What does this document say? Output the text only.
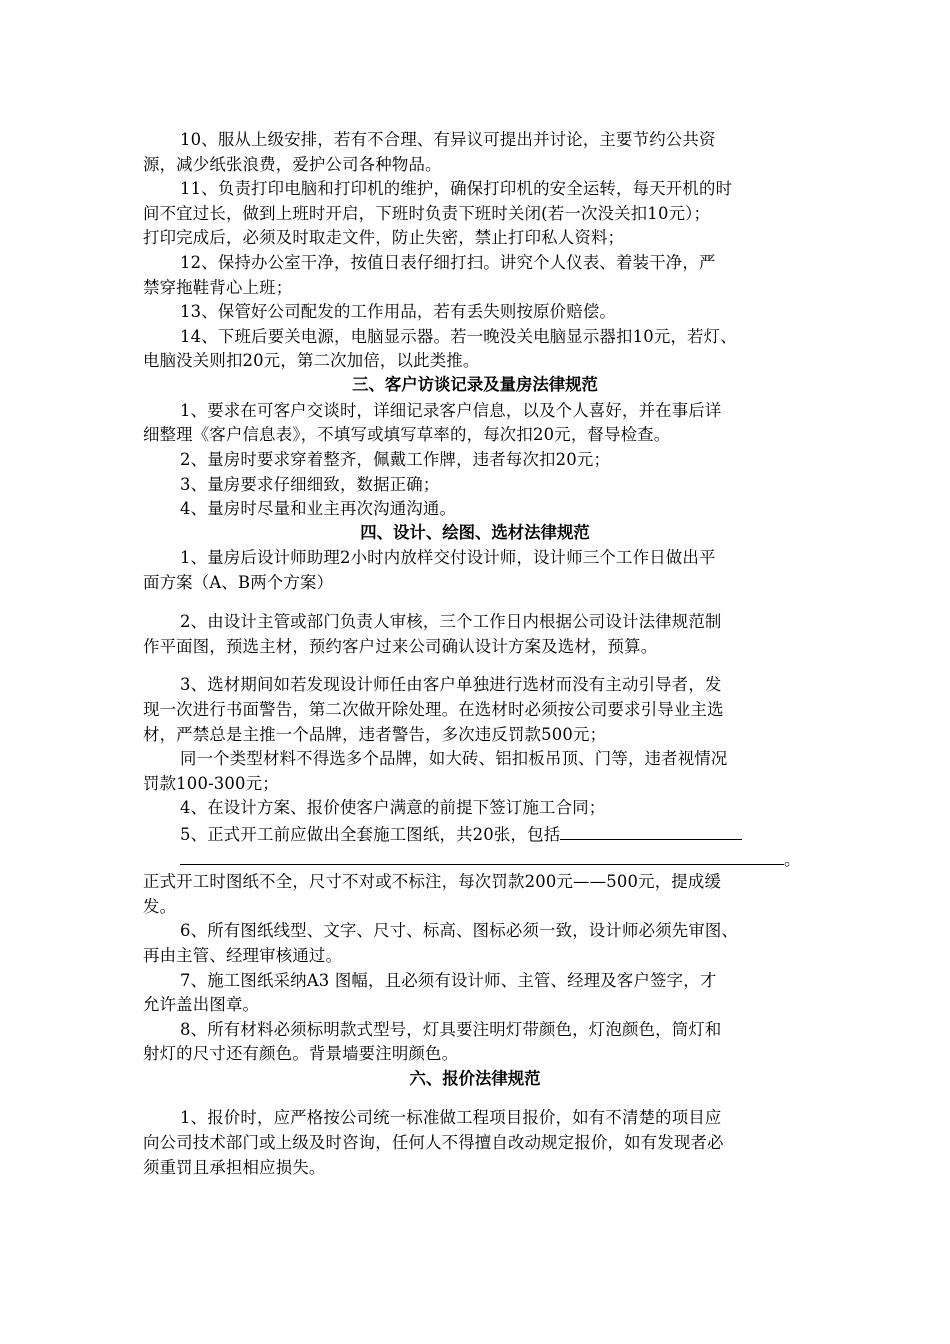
10、服从上级安排，若有不合理、有异议可提出并讨论，主要节约公共资
源，减少纸张浪费，爱护公司各种物品。
11、负责打印电脑和打印机的维护，确保打印机的安全运转，每天开机的时
间不宜过长，做到上班时开启，下班时负责下班时关闭(若一次没关扣10元）；
打印完成后，必须及时取走文件，防止失密，禁止打印私人资料；
12、保持办公室干净，按值日表仔细打扫。讲究个人仪表、着装干净，严
禁穿拖鞋背心上班；
13、保管好公司配发的工作用品，若有丢失则按原价赔偿。
14、下班后要关电源，电脑显示器。若一晚没关电脑显示器扣10元，若灯、
电脑没关则扣20元，第二次加倍，以此类推。
三、客户访谈记录及量房法律规范
1、要求在可客户交谈时，详细记录客户信息，以及个人喜好，并在事后详
细整理《客户信息表》，不填写或填写草率的，每次扣20元，督导检查。
2、量房时要求穿着整齐，佩戴工作牌，违者每次扣20元；
3、量房要求仔细细致，数据正确；
4、量房时尽量和业主再次沟通沟通。
四、设计、绘图、选材法律规范
1、量房后设计师助理2小时内放样交付设计师，设计师三个工作日做出平
面方案（A、B两个方案）
2、由设计主管或部门负责人审核，三个工作日内根据公司设计法律规范制
作平面图，预选主材，预约客户过来公司确认设计方案及选材，预算。
3、选材期间如若发现设计师任由客户单独进行选材而没有主动引导者，发
现一次进行书面警告，第二次做开除处理。在选材时必须按公司要求引导业主选
材，严禁总是主推一个品牌，违者警告，多次违反罚款500元；
同一个类型材料不得选多个品牌，如大砖、铝扣板吊顶、门等，违者视情况
罚款100-300元；
4、在设计方案、报价使客户满意的前提下签订施工合同；
5、正式开工前应做出全套施工图纸，共20张，包括
。
正式开工时图纸不全，尺寸不对或不标注，每次罚款200元——500元，提成缓
发。
6、所有图纸线型、文字、尺寸、标高、图标必须一致，设计师必须先审图、
再由主管、经理审核通过。
7、施工图纸采纳A3 图幅，且必须有设计师、主管、经理及客户签字，才
允许盖出图章。
8、所有材料必须标明款式型号，灯具要注明灯带颜色，灯泡颜色，筒灯和
射灯的尺寸还有颜色。背景墙要注明颜色。
六、报价法律规范
1、报价时，应严格按公司统一标准做工程项目报价，如有不清楚的项目应
向公司技术部门或上级及时咨询，任何人不得擅自改动规定报价，如有发现者必
须重罚且承担相应损失。
